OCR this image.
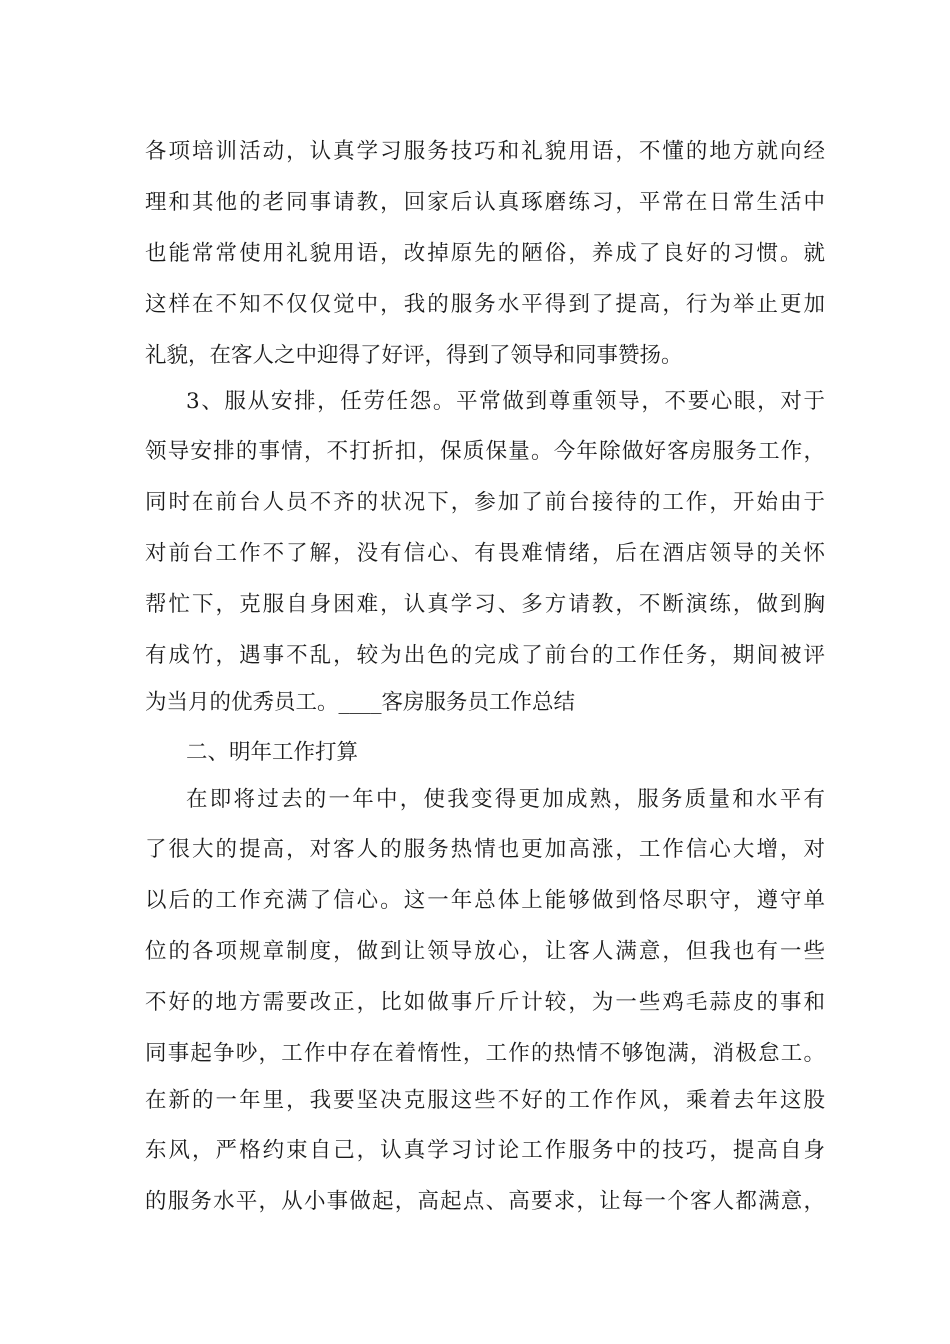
各项培训活动，认真学习服务技巧和礼貌用语，不懂的地方就向经
理和其他的老同事请教，回家后认真琢磨练习，平常在日常生活中
也能常常使用礼貌用语，改掉原先的陋俗，养成了良好的习惯。就
这样在不知不仅仅觉中，我的服务水平得到了提高，行为举止更加
礼貌，在客人之中迎得了好评，得到了领导和同事赞扬。
3、服从安排，任劳任怨。平常做到尊重领导，不要心眼，对于
领导安排的事情，不打折扣，保质保量。今年除做好客房服务工作，
同时在前台人员不齐的状况下，参加了前台接待的工作，开始由于
对前台工作不了解，没有信心、有畏难情绪，后在酒店领导的关怀
帮忙下，克服自身困难，认真学习、多方请教，不断演练，做到胸
有成竹，遇事不乱，较为出色的完成了前台的工作任务，期间被评
为当月的优秀员工。____客房服务员工作总结
二、明年工作打算
在即将过去的一年中，使我变得更加成熟，服务质量和水平有
了很大的提高，对客人的服务热情也更加高涨，工作信心大增，对
以后的工作充满了信心。这一年总体上能够做到恪尽职守，遵守单
位的各项规章制度，做到让领导放心，让客人满意，但我也有一些
不好的地方需要改正，比如做事斤斤计较，为一些鸡毛蒜皮的事和
同事起争吵，工作中存在着惰性，工作的热情不够饱满，消极怠工。
在新的一年里，我要坚决克服这些不好的工作作风，乘着去年这股
东风，严格约束自己，认真学习讨论工作服务中的技巧，提高自身
的服务水平，从小事做起，高起点、高要求，让每一个客人都满意，
